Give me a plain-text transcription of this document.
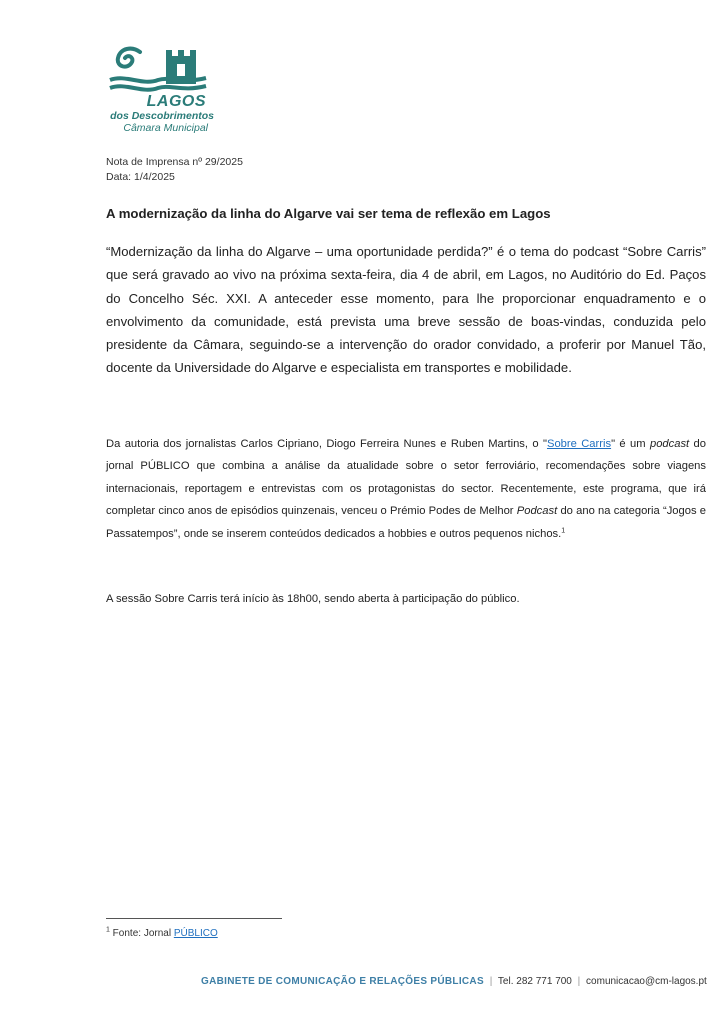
LAGOS
dos Descobrimentos
Câmara Municipal
Nota de Imprensa nº 29/2025
Data: 1/4/2025
A modernização da linha do Algarve vai ser tema de reflexão em Lagos

“Modernização da linha do Algarve – uma oportunidade perdida?” é o tema do podcast “Sobre Carris” que será gravado ao vivo na próxima sexta-feira, dia 4 de abril, em Lagos, no Auditório do Ed. Paços do Concelho Séc. XXI. A anteceder esse momento, para lhe proporcionar enquadramento e o envolvimento da comunidade, está prevista uma breve sessão de boas-vindas, conduzida pelo presidente da Câmara, seguindo-se a intervenção do orador convidado, a proferir por Manuel Tão, docente da Universidade do Algarve e especialista em transportes e mobilidade.

Da autoria dos jornalistas Carlos Cipriano, Diogo Ferreira Nunes e Ruben Martins, o "Sobre Carris" é um podcast do jornal PÚBLICO que combina a análise da atualidade sobre o setor ferroviário, recomendações sobre viagens internacionais, reportagem e entrevistas com os protagonistas do sector. Recentemente, este programa, que irá completar cinco anos de episódios quinzenais, venceu o Prémio Podes de Melhor Podcast do ano na categoria “Jogos e Passatempos”, onde se inserem conteúdos dedicados a hobbies e outros pequenos nichos.$^1$

A sessão Sobre Carris terá início às 18h00, sendo aberta à participação do público.

$^1$ Fonte: Jornal PÚBLICO
GABINETE DE COMUNICAÇÃO E RELAÇÕES PÚBLICAS | Tel. 282 771 700 | comunicacao@cm-lagos.pt
